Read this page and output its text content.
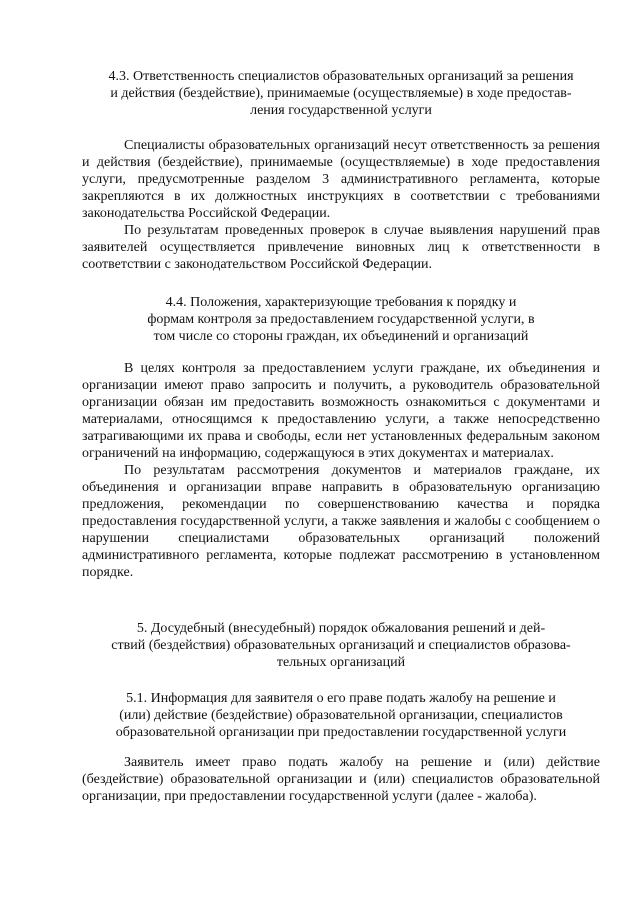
4.3. Ответственность специалистов образовательных организаций за решения
и действия (бездействие), принимаемые (осуществляемые) в ходе предостав-
ления государственной услуги

Специалисты образовательных организаций несут ответственность за решения и действия (бездействие), принимаемые (осуществляемые) в ходе предоставления услуги, предусмотренные разделом 3 административного регламента, которые закрепляются в их должностных инструкциях в соответствии с требованиями законодательства Российской Федерации.

По результатам проведенных проверок в случае выявления нарушений прав заявителей осуществляется привлечение виновных лиц к ответственности в соответствии с законодательством Российской Федерации.

4.4. Положения, характеризующие требования к порядку и
формам контроля за предоставлением государственной услуги, в
том числе со стороны граждан, их объединений и организаций

В целях контроля за предоставлением услуги граждане, их объединения и организации имеют право запросить и получить, а руководитель образовательной организации обязан им предоставить возможность ознакомиться с документами и материалами, относящимся к предоставлению услуги, а также непосредственно затрагивающими их права и свободы, если нет установленных федеральным законом ограничений на информацию, содержащуюся в этих документах и материалах.

По результатам рассмотрения документов и материалов граждане, их объединения и организации вправе направить в образовательную организацию предложения, рекомендации по совершенствованию качества и порядка предоставления государственной услуги, а также заявления и жалобы с сообщением о нарушении специалистами образовательных организаций положений административного регламента, которые подлежат рассмотрению в установленном порядке.

5. Досудебный (внесудебный) порядок обжалования решений и дей-
ствий (бездействия) образовательных организаций и специалистов образова-
тельных организаций
5.1. Информация для заявителя о его праве подать жалобу на решение и
(или) действие (бездействие) образовательной организации, специалистов
образовательной организации при предоставлении государственной услуги

Заявитель имеет право подать жалобу на решение и (или) действие (бездействие) образовательной организации и (или) специалистов образовательной организации, при предоставлении государственной услуги (далее - жалоба).
